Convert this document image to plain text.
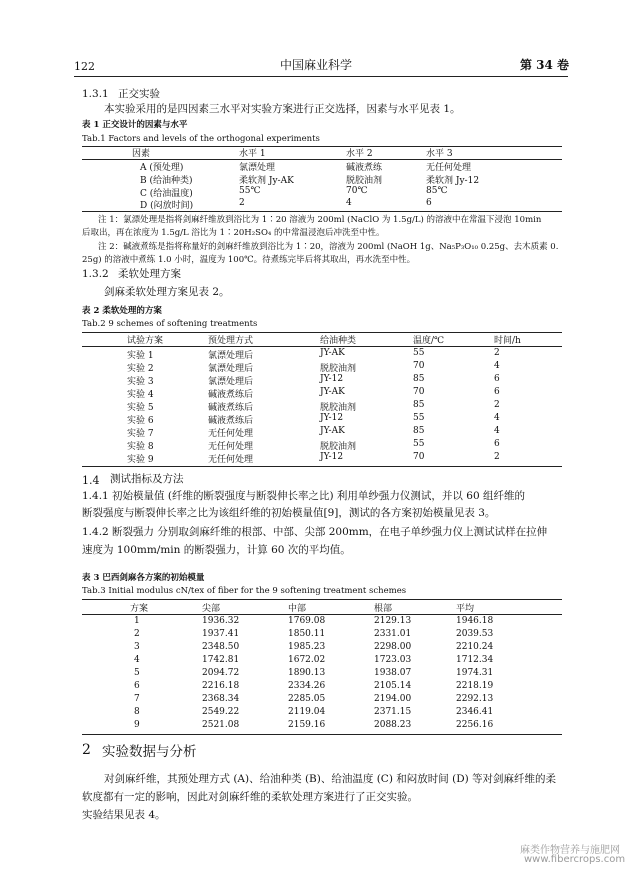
122	中国麻业科学	第 34 卷
1.3.1 正交实验
本实验采用的是四因素三水平对实验方案进行正交选择，因素与水平见表 1。
表 1 正交设计的因素与水平
Tab.1 Factors and levels of the orthogonal experiments
因素	水平 1	水平 2	水平 3
A (预处理)	氯漂处理	碱液煮练	无任何处理
B (给油种类)	柔软剂 Jy-AK	脱胶油剂	柔软剂 Jy-12
C (给油温度)	55℃	70℃	85℃
D (闷放时间)	2	4	6
注 1：氯漂处理是指将剑麻纤维放到浴比为 1∶20 溶液为 200ml (NaClO 为 1.5g/L) 的溶液中在常温下浸泡 10min
后取出，再在浓度为 1.5g/L 浴比为 1∶20H₂SO₄ 的中常温浸泡后冲洗至中性。
注 2：碱液煮练是指将称量好的剑麻纤维放到浴比为 1∶20，溶液为 200ml (NaOH 1g、Na₅P₃O₁₀ 0.25g、去木质素 0.
25g) 的溶液中煮练 1.0 小时，温度为 100℃。待煮练完毕后将其取出，再水洗至中性。
1.3.2 柔软处理方案
剑麻柔软处理方案见表 2。
表 2 柔软处理的方案
Tab.2 9 schemes of softening treatments
试验方案	预处理方式	给油种类	温度/℃	时间/h
实验 1	氯漂处理后	JY-AK	55	2
实验 2	氯漂处理后	脱胶油剂	70	4
实验 3	氯漂处理后	JY-12	85	6
实验 4	碱液煮练后	JY-AK	70	6
实验 5	碱液煮练后	脱胶油剂	85	2
实验 6	碱液煮练后	JY-12	55	4
实验 7	无任何处理	JY-AK	85	4
实验 8	无任何处理	脱胶油剂	55	6
实验 9	无任何处理	JY-12	70	2
1.4 测试指标及方法
1.4.1 初始模量值 (纤维的断裂强度与断裂伸长率之比) 利用单纱强力仪测试，并以 60 组纤维的
断裂强度与断裂伸长率之比为该组纤维的初始模量值[9]，测试的各方案初始模量见表 3。
1.4.2 断裂强力 分别取剑麻纤维的根部、中部、尖部 200mm，在电子单纱强力仪上测试试样在拉伸
速度为 100mm/min 的断裂强力，计算 60 次的平均值。
表 3 巴西剑麻各方案的初始模量
Tab.3 Initial modulus cN/tex of fiber for the 9 softening treatment schemes
方案	尖部	中部	根部	平均
1	1936.32	1769.08	2129.13	1946.18
2	1937.41	1850.11	2331.01	2039.53
3	2348.50	1985.23	2298.00	2210.24
4	1742.81	1672.02	1723.03	1712.34
5	2094.72	1890.13	1938.07	1974.31
6	2216.18	2334.26	2105.14	2218.19
7	2368.34	2285.05	2194.00	2292.13
8	2549.22	2119.04	2371.15	2346.41
9	2521.08	2159.16	2088.23	2256.16
2 实验数据与分析
对剑麻纤维，其预处理方式 (A)、给油种类 (B)、给油温度 (C) 和闷放时间 (D) 等对剑麻纤维的柔
软度都有一定的影响，因此对剑麻纤维的柔软处理方案进行了正交实验。
实验结果见表 4。
麻类作物营养与施肥网
www.fibercrops.com
